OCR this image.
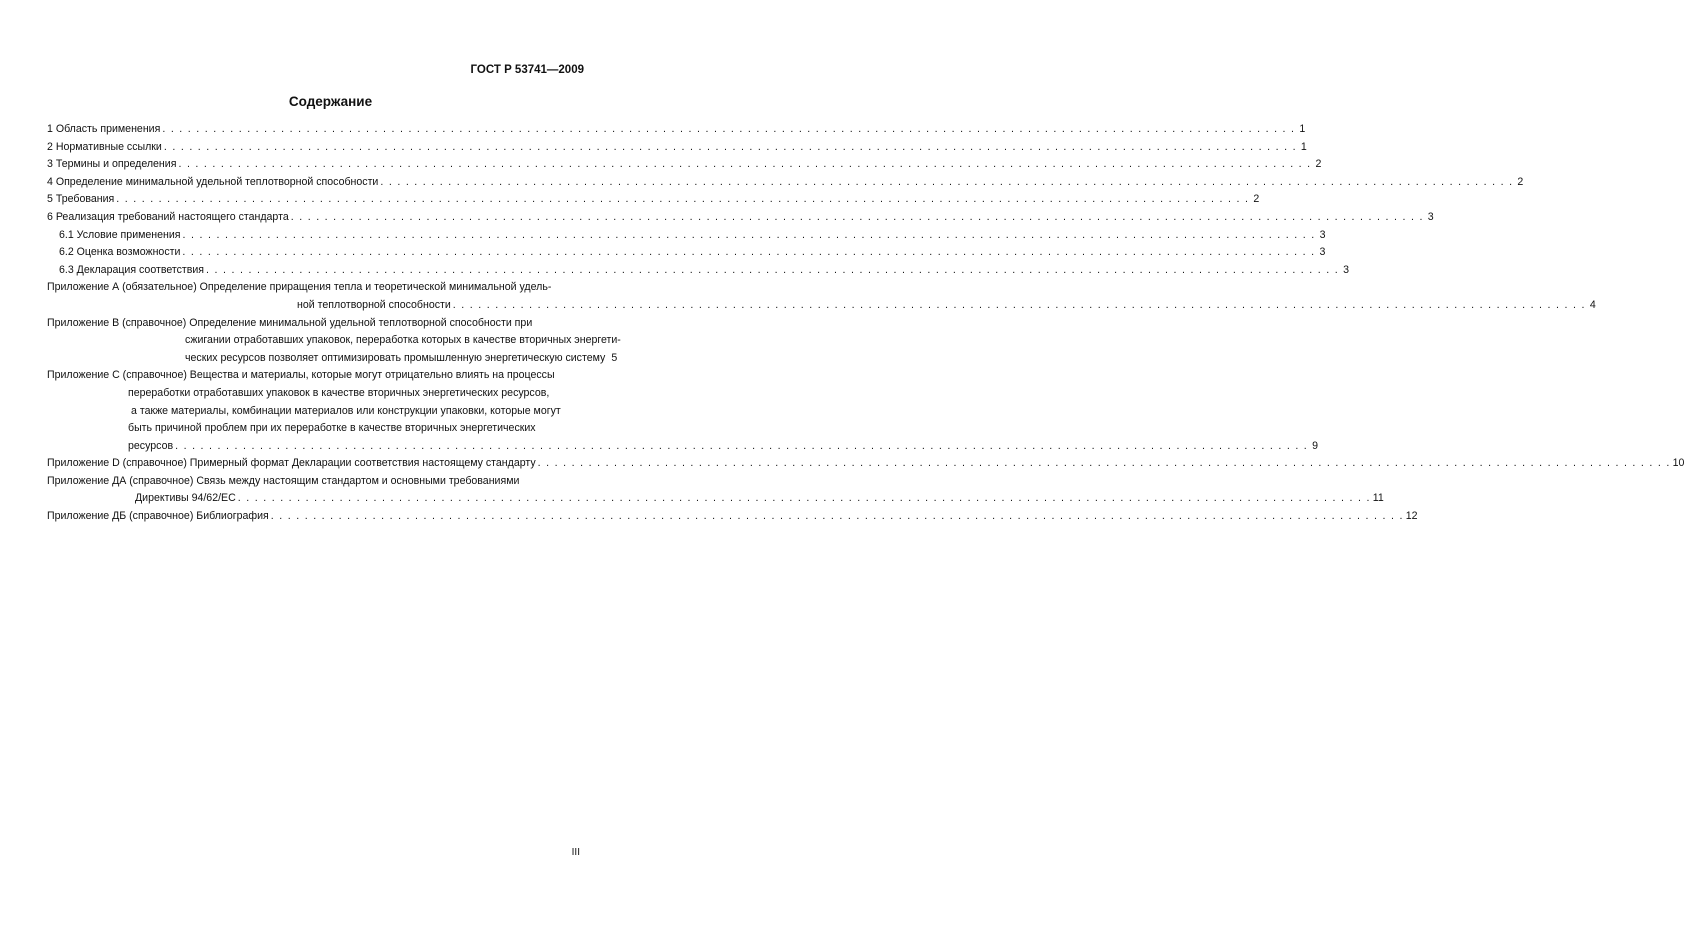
ГОСТ Р 53741—2009
Содержание
1 Область применения . . .	1
2 Нормативные ссылки . . .	1
3 Термины и определения . . .	2
4 Определение минимальной удельной теплотворной способности . . .	2
5 Требования . . .	2
6 Реализация требований настоящего стандарта . . .	3
6.1 Условие применения . . .	3
6.2 Оценка возможности . . .	3
6.3 Декларация соответствия . . .	3
Приложение А (обязательное) Определение приращения тепла и теоретической минимальной удель-
ной теплотворной способности . . .	4
Приложение В (справочное) Определение минимальной удельной теплотворной способности при
сжигании отработавших упаковок, переработка которых в качестве вторичных энергети-
ческих ресурсов позволяет оптимизировать промышленную энергетическую систему 5
Приложение С (справочное) Вещества и материалы, которые могут отрицательно влиять на процессы
переработки отработавших упаковок в качестве вторичных энергетических ресурсов,
а также материалы, комбинации материалов или конструкции упаковки, которые могут
быть причиной проблем при их переработке в качестве вторичных энергетических
ресурсов . . .	9
Приложение D (справочное) Примерный формат Декларации соответствия настоящему стандарту . . .	10
Приложение ДА (справочное) Связь между настоящим стандартом и основными требованиями
Директивы 94/62/ЕС . . .	11
Приложение ДБ (справочное) Библиография . . .	12
III
